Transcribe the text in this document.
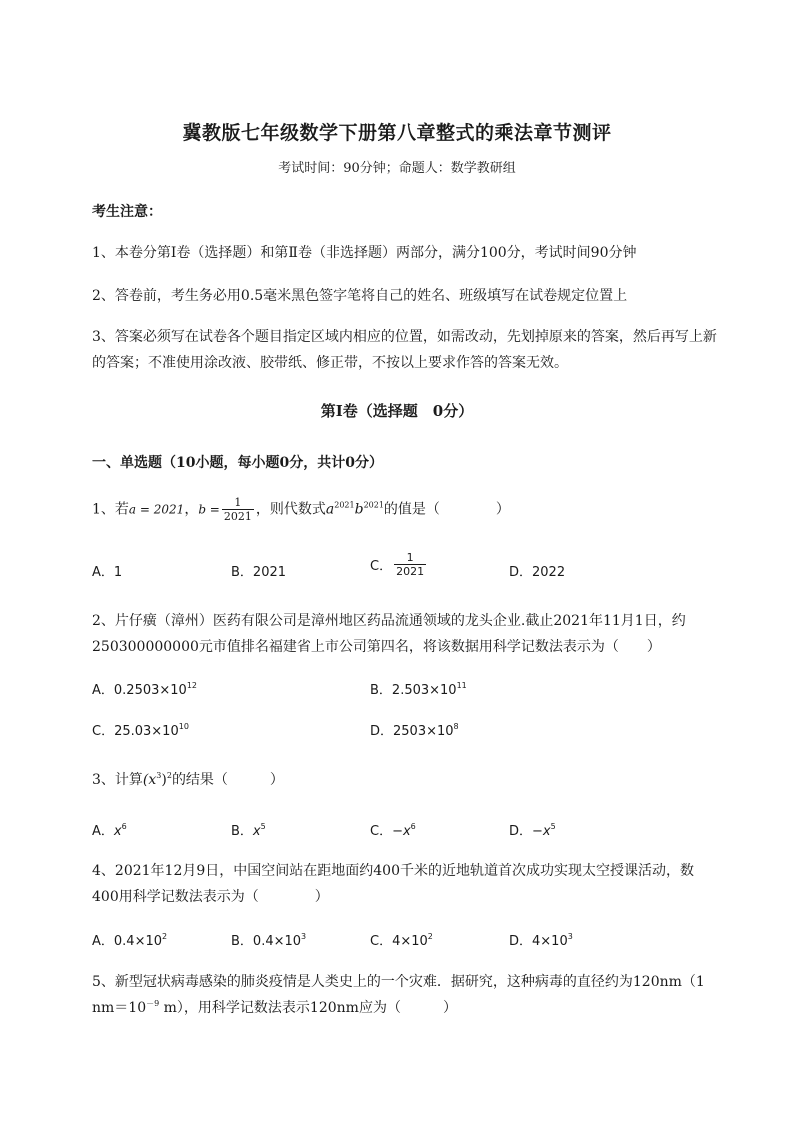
冀教版七年级数学下册第八章整式的乘法章节测评
考试时间：90分钟；命题人：数学教研组
考生注意：
1、本卷分第Ⅰ卷（选择题）和第Ⅱ卷（非选择题）两部分，满分100分，考试时间90分钟
2、答卷前，考生务必用0.5毫米黑色签字笔将自己的姓名、班级填写在试卷规定位置上
3、答案必须写在试卷各个题目指定区域内相应的位置，如需改动，先划掉原来的答案，然后再写上新
的答案；不准使用涂改液、胶带纸、修正带，不按以上要求作答的答案无效。
第Ⅰ卷（选择题　0分）
一、单选题（10小题，每小题0分，共计0分）
1、若a = 2021，$b = \frac{1}{2021}$ ，则代数式$a^{2021}b^{2021}$的值是（　　　　）
A．1	B．2021	C． $\frac{1}{2021}$	D．2022
2、片仔癀（漳州）医药有限公司是漳州地区药品流通领域的龙头企业.截止2021年11月1日，约
250300000000元市值排名福建省上市公司第四名，将该数据用科学记数法表示为（　　）
A．$0.2503\times 10^{12}$	B．$2.503\times 10^{11}$
C．$25.03\times 10^{10}$	D．$2503\times 10^8$
3、计算$(x^3)^2$的结果（　　　）
A．$x^6$	B．$x^5$	C．$-x^6$	D．$-x^5$
4、2021年12月9日，中国空间站在距地面约400千米的近地轨道首次成功实现太空授课活动，数
400用科学记数法表示为（　　　　）
A．$0.4\times 10^2$	B．$0.4\times 10^3$	C．$4\times 10^2$	D．$4\times 10^3$
5、新型冠状病毒感染的肺炎疫情是人类史上的一个灾难．据研究，这种病毒的直径约为120nm（1
$nm=10^{-9}$ m），用科学记数法表示120nm应为（　　　）
